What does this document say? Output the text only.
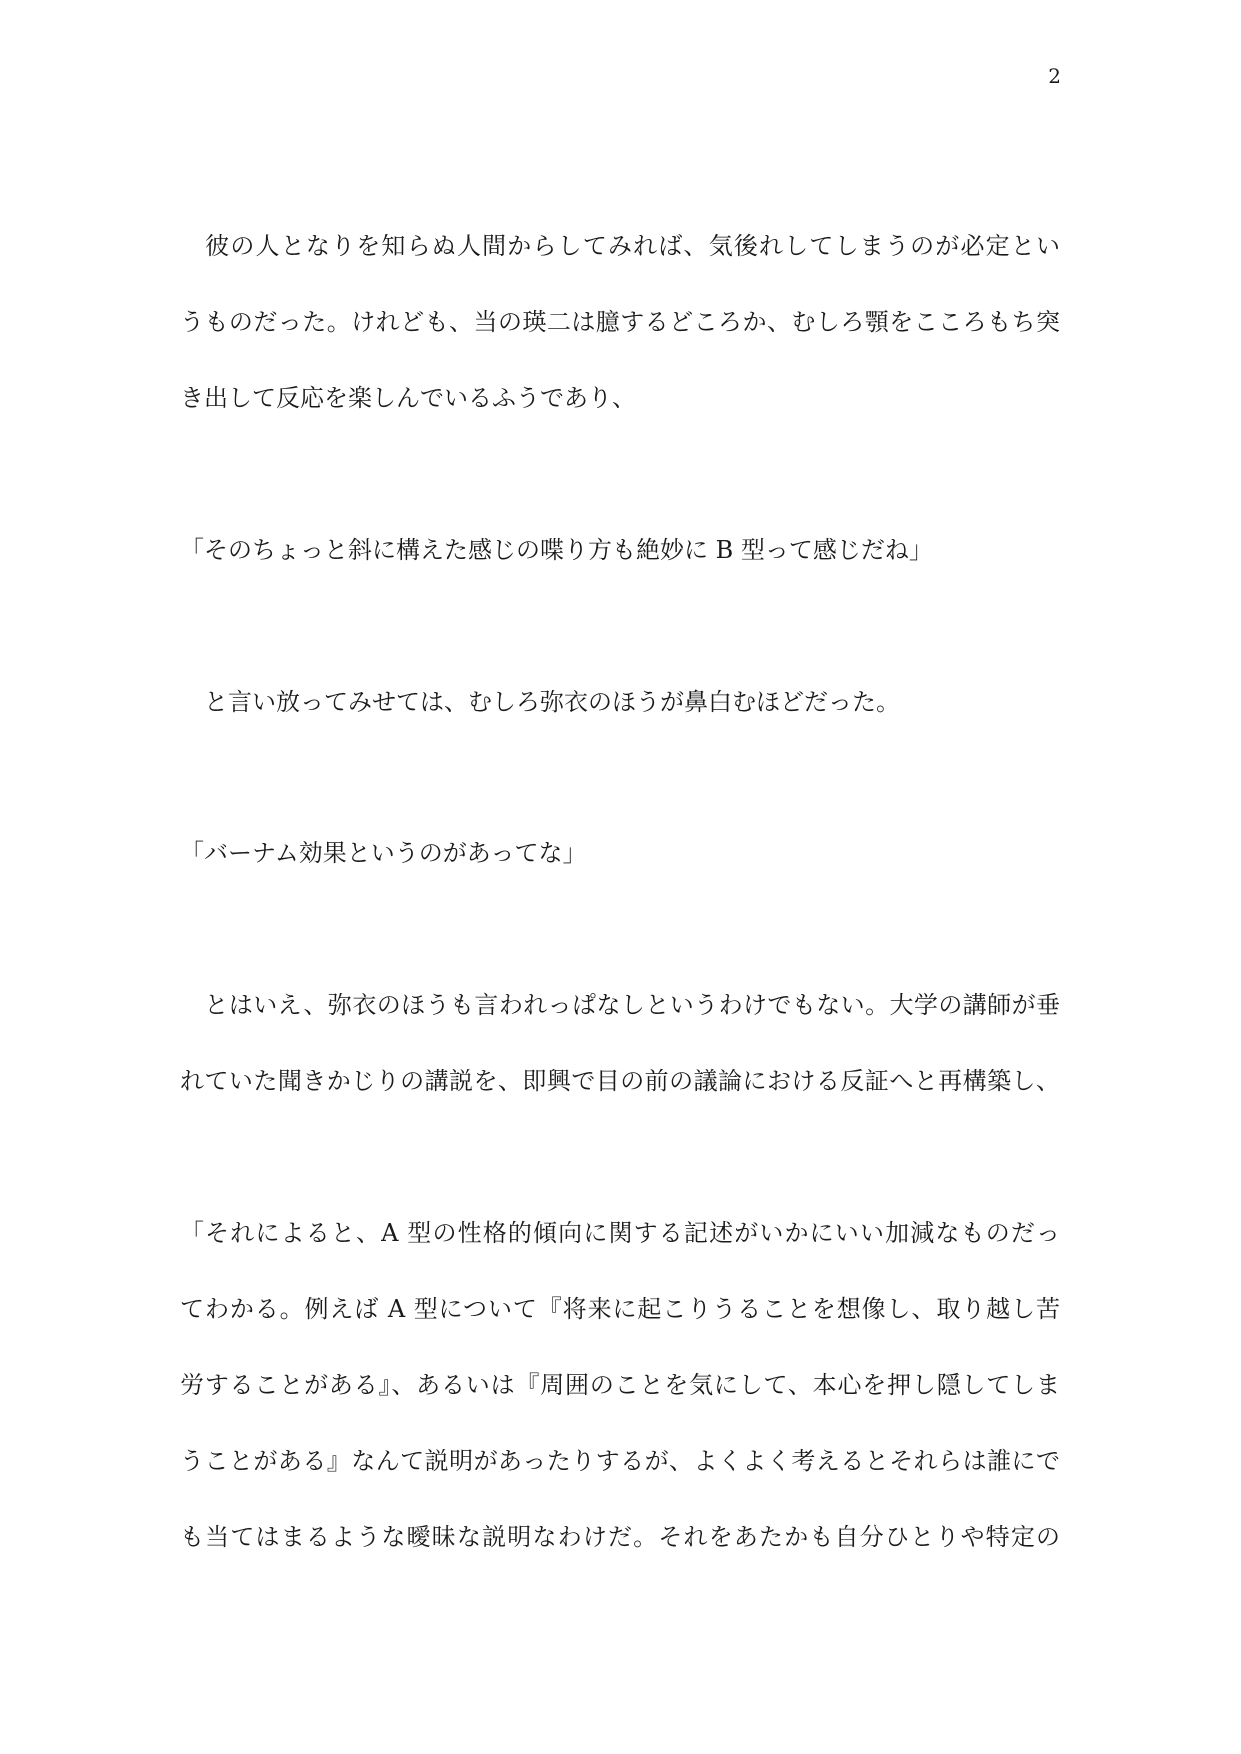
2
　彼の人となりを知らぬ人間からしてみれば、気後れしてしまうのが必定とい
うものだった。けれども、当の瑛二は臆するどころか、むしろ顎をこころもち突
き出して反応を楽しんでいるふうであり、
「そのちょっと斜に構えた感じの喋り方も絶妙に B 型って感じだね」
　と言い放ってみせては、むしろ弥衣のほうが鼻白むほどだった。
「バーナム効果というのがあってな」
　とはいえ、弥衣のほうも言われっぱなしというわけでもない。大学の講師が垂
れていた聞きかじりの講説を、即興で目の前の議論における反証へと再構築し、
「それによると、A 型の性格的傾向に関する記述がいかにいい加減なものだっ
てわかる。例えば A 型について『将来に起こりうることを想像し、取り越し苦
労することがある』、あるいは『周囲のことを気にして、本心を押し隠してしま
うことがある』なんて説明があったりするが、よくよく考えるとそれらは誰にで
も当てはまるような曖昧な説明なわけだ。それをあたかも自分ひとりや特定の
